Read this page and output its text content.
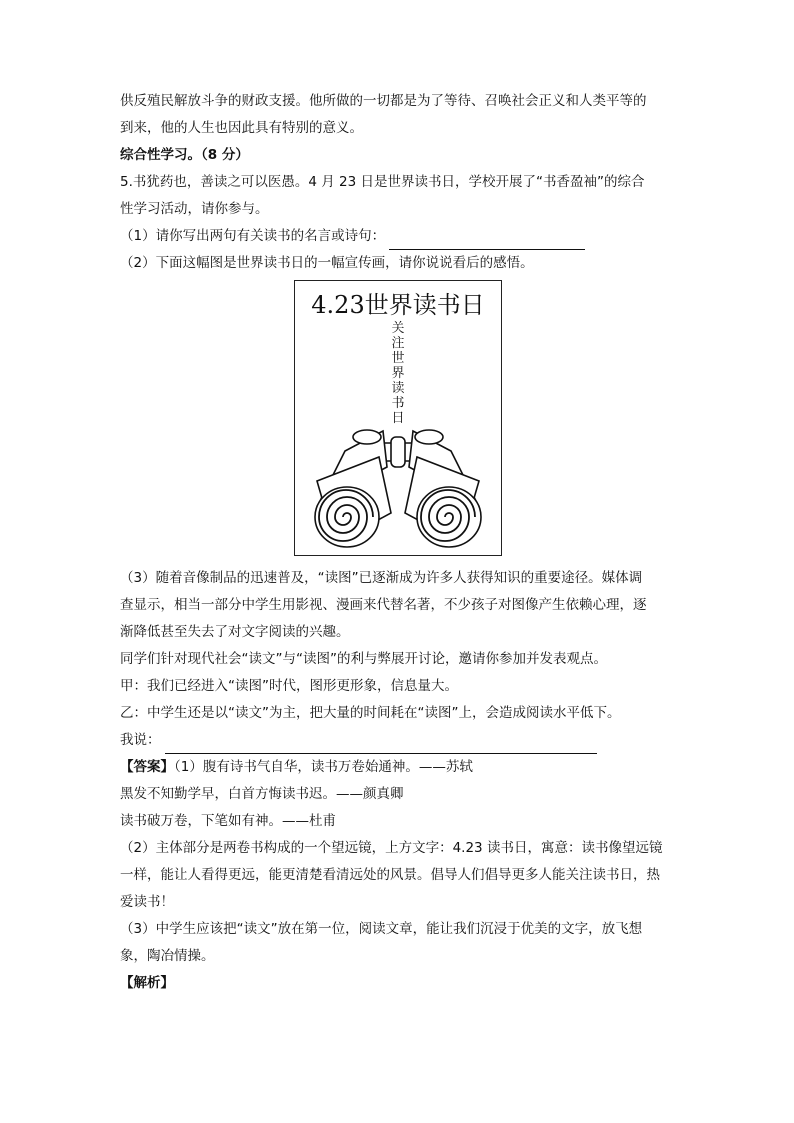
供反殖民解放斗争的财政支援。他所做的一切都是为了等待、召唤社会正义和人类平等的
到来，他的人生也因此具有特别的意义。
综合性学习。（8 分）
5.书犹药也，善读之可以医愚。4 月 23 日是世界读书日，学校开展了“书香盈袖”的综合
性学习活动，请你参与。
（1）请你写出两句有关读书的名言或诗句：
（2）下面这幅图是世界读书日的一幅宣传画，请你说说看后的感悟。
4.23世界读书日
关注世界读书日
（3）随着音像制品的迅速普及，“读图”已逐渐成为许多人获得知识的重要途径。媒体调
查显示，相当一部分中学生用影视、漫画来代替名著，不少孩子对图像产生依赖心理，逐
渐降低甚至失去了对文字阅读的兴趣。
同学们针对现代社会“读文”与“读图”的利与弊展开讨论，邀请你参加并发表观点。
甲：我们已经进入“读图”时代，图形更形象，信息量大。
乙：中学生还是以“读文”为主，把大量的时间耗在“读图”上，会造成阅读水平低下。
我说：
【答案】（1）腹有诗书气自华，读书万卷始通神。——苏轼
黑发不知勤学早，白首方悔读书迟。——颜真卿
读书破万卷，下笔如有神。——杜甫
（2）主体部分是两卷书构成的一个望远镜，上方文字：4.23 读书日，寓意：读书像望远镜
一样，能让人看得更远，能更清楚看清远处的风景。倡导人们倡导更多人能关注读书日，热
爱读书！
（3）中学生应该把“读文”放在第一位，阅读文章，能让我们沉浸于优美的文字，放飞想
象，陶冶情操。
【解析】
